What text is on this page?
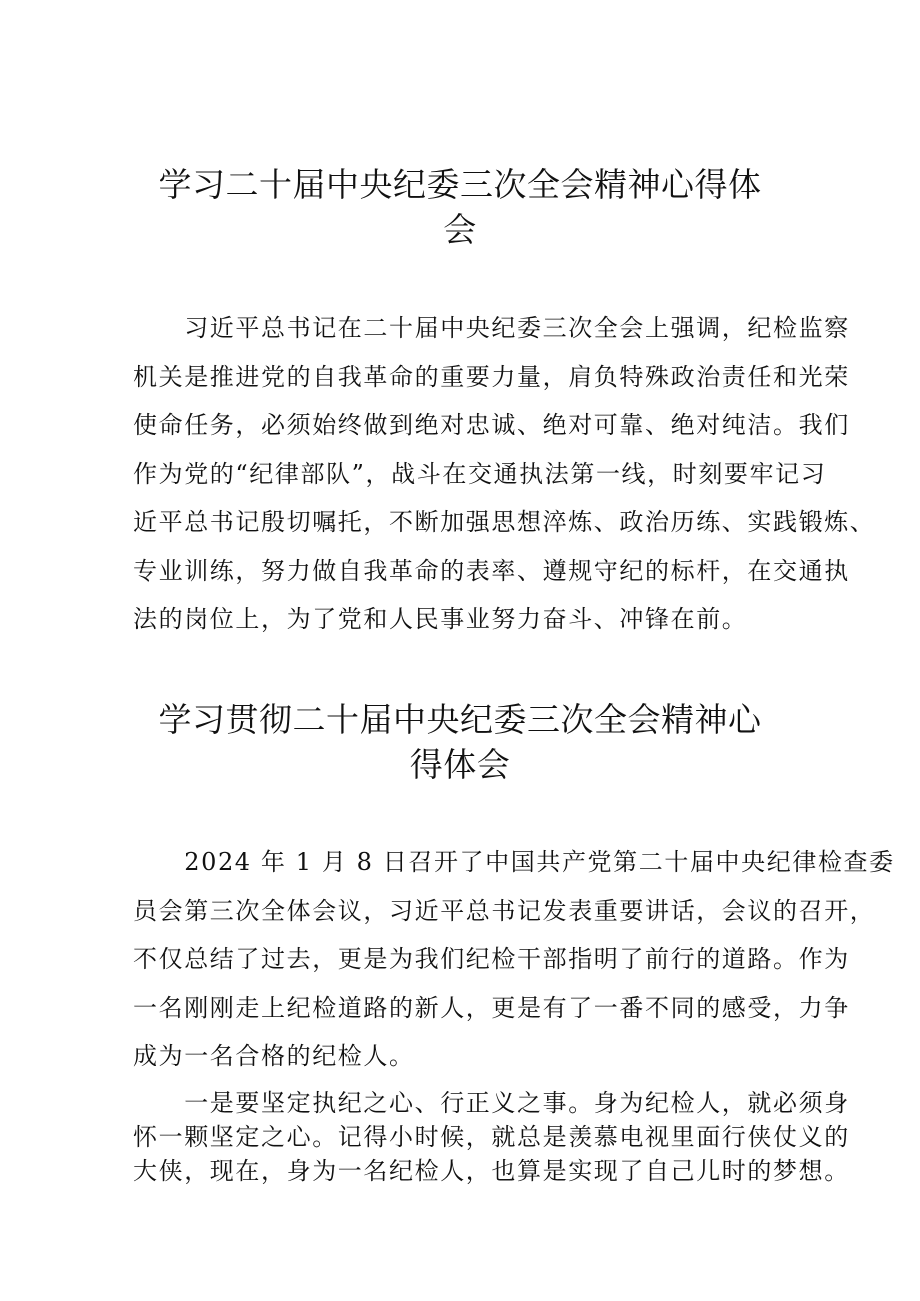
学习二十届中央纪委三次全会精神心得体
会
　　习近平总书记在二十届中央纪委三次全会上强调，纪检监察
机关是推进党的自我革命的重要力量，肩负特殊政治责任和光荣
使命任务，必须始终做到绝对忠诚、绝对可靠、绝对纯洁。我们
作为党的“纪律部队”，战斗在交通执法第一线，时刻要牢记习
近平总书记殷切嘱托，不断加强思想淬炼、政治历练、实践锻炼、
专业训练，努力做自我革命的表率、遵规守纪的标杆，在交通执
法的岗位上，为了党和人民事业努力奋斗、冲锋在前。
学习贯彻二十届中央纪委三次全会精神心
得体会
　　2024 年 1 月 8 日召开了中国共产党第二十届中央纪律检查委
员会第三次全体会议，习近平总书记发表重要讲话，会议的召开，
不仅总结了过去，更是为我们纪检干部指明了前行的道路。作为
一名刚刚走上纪检道路的新人，更是有了一番不同的感受，力争
成为一名合格的纪检人。
　　一是要坚定执纪之心、行正义之事。身为纪检人，就必须身
怀一颗坚定之心。记得小时候，就总是羡慕电视里面行侠仗义的
大侠，现在，身为一名纪检人，也算是实现了自己儿时的梦想。
